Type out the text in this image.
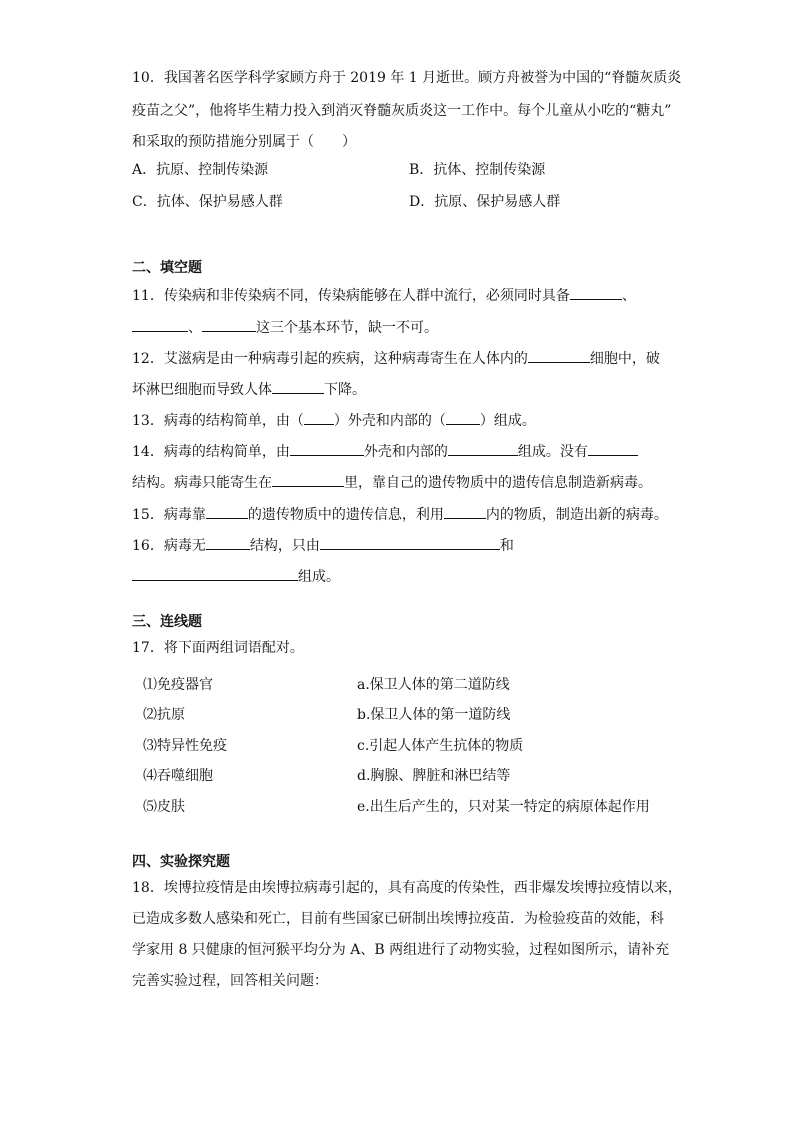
10．我国著名医学科学家顾方舟于 2019 年 1 月逝世。顾方舟被誉为中国的“脊髓灰质炎
疫苗之父”，他将毕生精力投入到消灭脊髓灰质炎这一工作中。每个儿童从小吃的“糖丸”
和采取的预防措施分别属于（　　）
A．抗原、控制传染源	B．抗体、控制传染源
C．抗体、保护易感人群	D．抗原、保护易感人群
二、填空题
11．传染病和非传染病不同，传染病能够在人群中流行，必须同时具备	、
、	这三个基本环节，缺一不可。
12．艾滋病是由一种病毒引起的疾病，这种病毒寄生在人体内的	细胞中，破
坏淋巴细胞而导致人体	下降。
13．病毒的结构简单，由（ ）外壳和内部的（ ）组成。
14．病毒的结构简单，由	外壳和内部的	组成。没有
结构。病毒只能寄生在	里，靠自己的遗传物质中的遗传信息制造新病毒。
15．病毒靠	的遗传物质中的遗传信息，利用	内的物质，制造出新的病毒。
16．病毒无	结构，只由	和
组成。
三、连线题
17．将下面两组词语配对。
⑴免疫器官	a.保卫人体的第二道防线
⑵抗原	b.保卫人体的第一道防线
⑶特异性免疫	c.引起人体产生抗体的物质
⑷吞噬细胞	d.胸腺、脾脏和淋巴结等
⑸皮肤	e.出生后产生的，只对某一特定的病原体起作用
四、实验探究题
18．埃博拉疫情是由埃博拉病毒引起的，具有高度的传染性，西非爆发埃博拉疫情以来，
已造成多数人感染和死亡，目前有些国家已研制出埃博拉疫苗．为检验疫苗的效能，科
学家用 8 只健康的恒河猴平均分为 A、B 两组进行了动物实验，过程如图所示，请补充
完善实验过程，回答相关问题：
